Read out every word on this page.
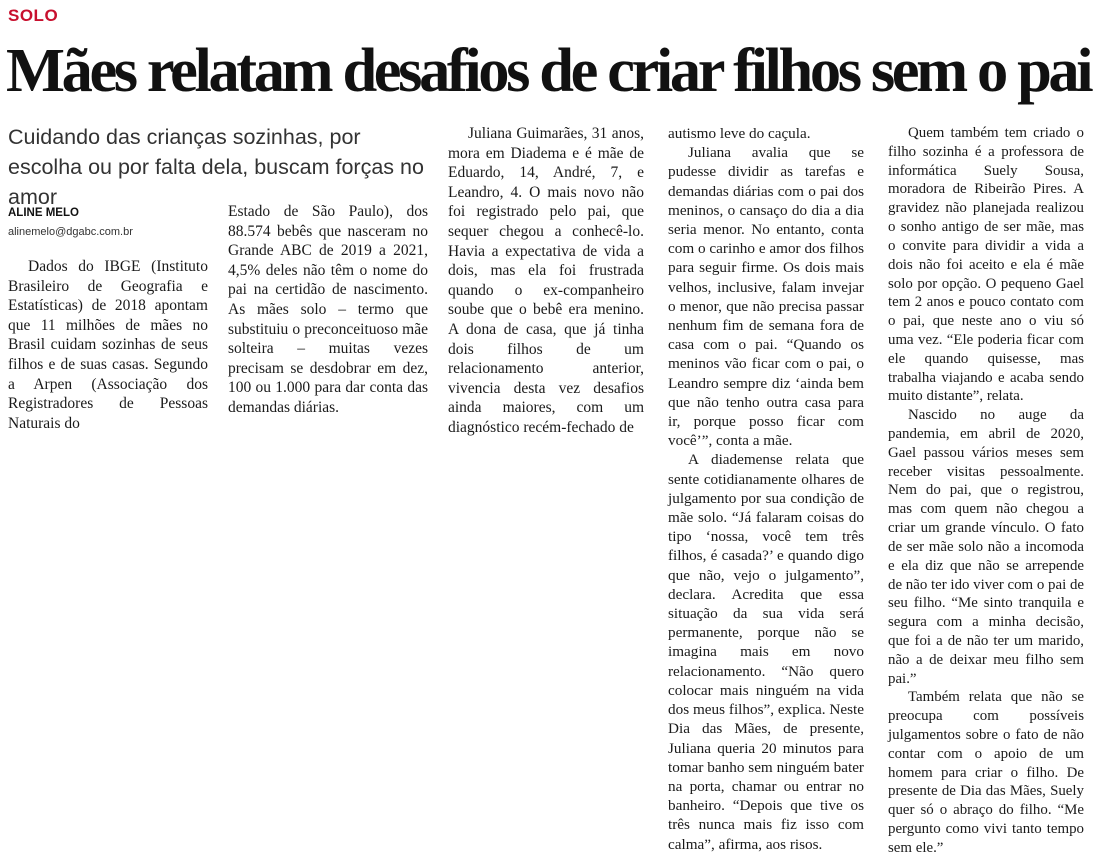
SOLO
Mães relatam desafios de criar filhos sem o pai
Cuidando das crianças sozinhas, por escolha ou por falta dela, buscam forças no amor
ALINE MELO
alinemelo@dgabc.com.br

Dados do IBGE (Instituto Brasileiro de Geografia e Estatísticas) de 2018 apontam que 11 milhões de mães no Brasil cuidam sozinhas de seus filhos e de suas casas. Segundo a Arpen (Associação dos Registradores de Pessoas Naturais do

Estado de São Paulo), dos 88.574 bebês que nasceram no Grande ABC de 2019 a 2021, 4,5% deles não têm o nome do pai na certidão de nascimento. As mães solo – termo que substituiu o preconceituoso mãe solteira – muitas vezes precisam se desdobrar em dez, 100 ou 1.000 para dar conta das demandas diárias.

Juliana Guimarães, 31 anos, mora em Diadema e é mãe de Eduardo, 14, André, 7, e Leandro, 4. O mais novo não foi registrado pelo pai, que sequer chegou a conhecê-lo. Havia a expectativa de vida a dois, mas ela foi frustrada quando o ex-companheiro soube que o bebê era menino. A dona de casa, que já tinha dois filhos de um relacionamento anterior, vivencia desta vez desafios ainda maiores, com um diagnóstico recém-fechado de

autismo leve do caçula.

Juliana avalia que se pudesse dividir as tarefas e demandas diárias com o pai dos meninos, o cansaço do dia a dia seria menor. No entanto, conta com o carinho e amor dos filhos para seguir firme. Os dois mais velhos, inclusive, falam invejar o menor, que não precisa passar nenhum fim de semana fora de casa com o pai. “Quando os meninos vão ficar com o pai, o Leandro sempre diz ‘ainda bem que não tenho outra casa para ir, porque posso ficar com você’”, conta a mãe.

A diademense relata que sente cotidianamente olhares de julgamento por sua condição de mãe solo. “Já falaram coisas do tipo ‘nossa, você tem três filhos, é casada?’ e quando digo que não, vejo o julgamento”, declara. Acredita que essa situação da sua vida será permanente, porque não se imagina mais em novo relacionamento. “Não quero colocar mais ninguém na vida dos meus filhos”, explica. Neste Dia das Mães, de presente, Juliana queria 20 minutos para tomar banho sem ninguém bater na porta, chamar ou entrar no banheiro. “Depois que tive os três nunca mais fiz isso com calma”, afirma, aos risos.

Quem também tem criado o filho sozinha é a professora de informática Suely Sousa, moradora de Ribeirão Pires. A gravidez não planejada realizou o sonho antigo de ser mãe, mas o convite para dividir a vida a dois não foi aceito e ela é mãe solo por opção. O pequeno Gael tem 2 anos e pouco contato com o pai, que neste ano o viu só uma vez. “Ele poderia ficar com ele quando quisesse, mas trabalha viajando e acaba sendo muito distante”, relata.

Nascido no auge da pandemia, em abril de 2020, Gael passou vários meses sem receber visitas pessoalmente. Nem do pai, que o registrou, mas com quem não chegou a criar um grande vínculo. O fato de ser mãe solo não a incomoda e ela diz que não se arrepende de não ter ido viver com o pai de seu filho. “Me sinto tranquila e segura com a minha decisão, que foi a de não ter um marido, não a de deixar meu filho sem pai.”

Também relata que não se preocupa com possíveis julgamentos sobre o fato de não contar com o apoio de um homem para criar o filho. De presente de Dia das Mães, Suely quer só o abraço do filho. “Me pergunto como vivi tanto tempo sem ele.”
